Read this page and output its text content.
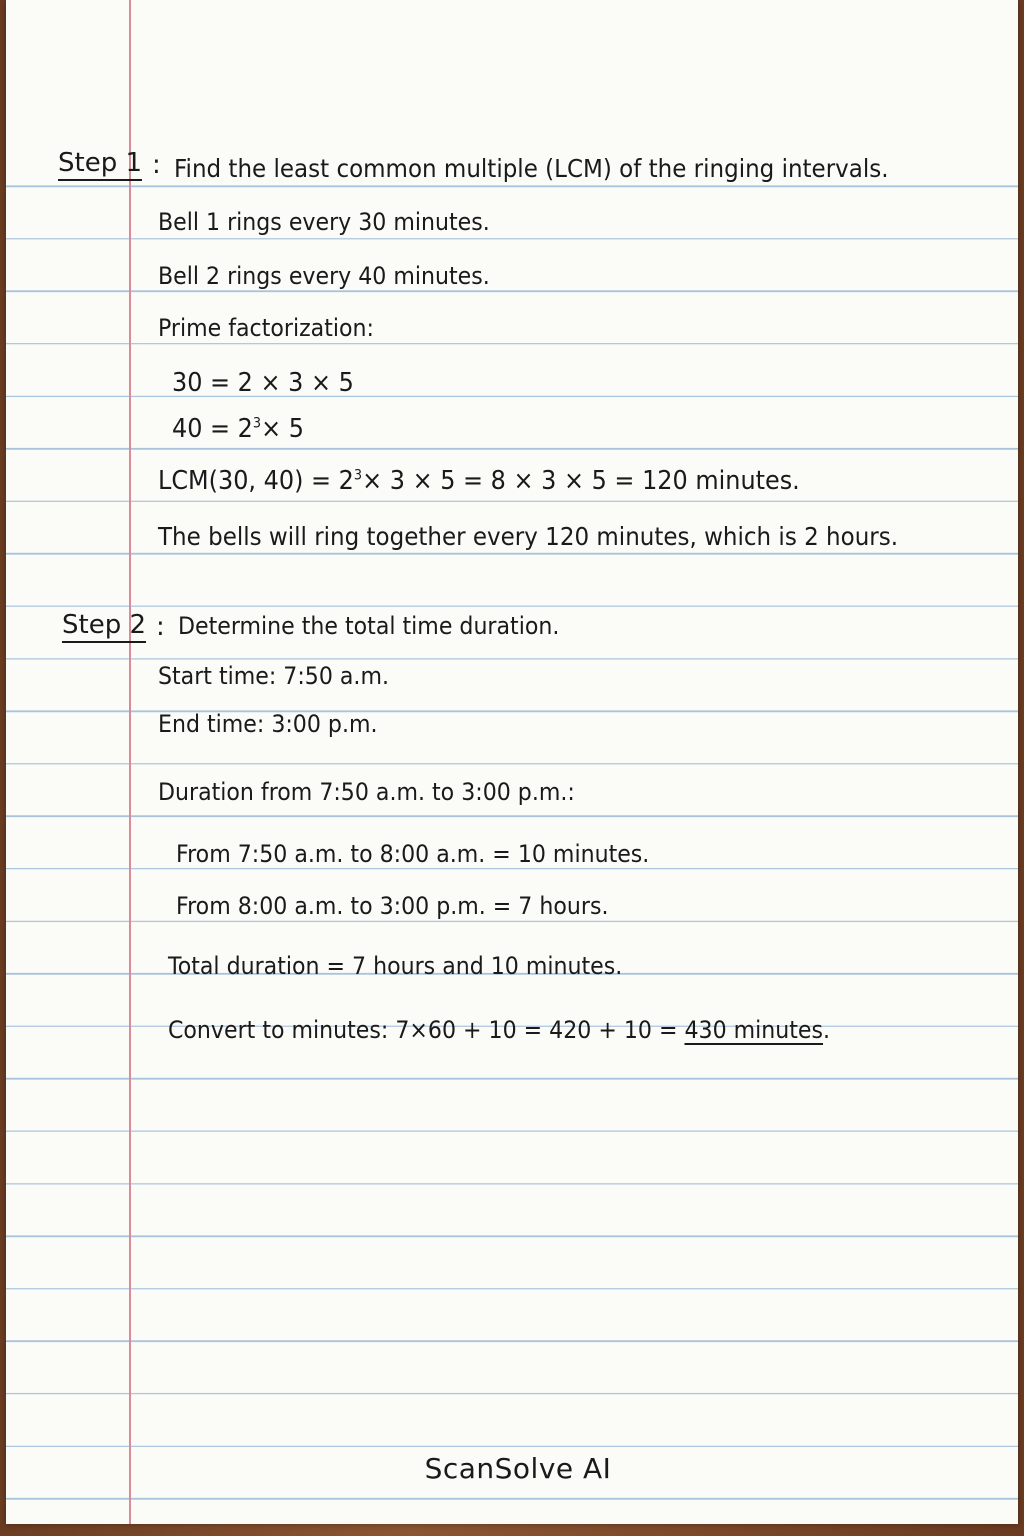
Step 1 : Find the least common multiple (LCM) of the ringing intervals.
Bell 1 rings every 30 minutes.
Bell 2 rings every 40 minutes.
Prime factorization:
30 = 2 × 3 × 5
$40 = 2^3\times 5$
LCM(30, $40) = 2^3\times 3 \times 5 = 8 \times 3 \times 5 = 120$ minutes.
The bells will ring together every 120 minutes, which is 2 hours.
Step 2 : Determine the total time duration.
Start time: 7:50 a.m.
End time: 3:00 p.m.
Duration from 7:50 a.m. to 3:00 p.m.:
From 7:50 a.m. to 8:00 a.m. = 10 minutes.
From 8:00 a.m. to 3:00 p.m. = 7 hours.
Total duration = 7 hours and 10 minutes.
Convert to minutes: 7×60 + 10 = 420 + 10 = 430 minutes.
ScanSolve AI
